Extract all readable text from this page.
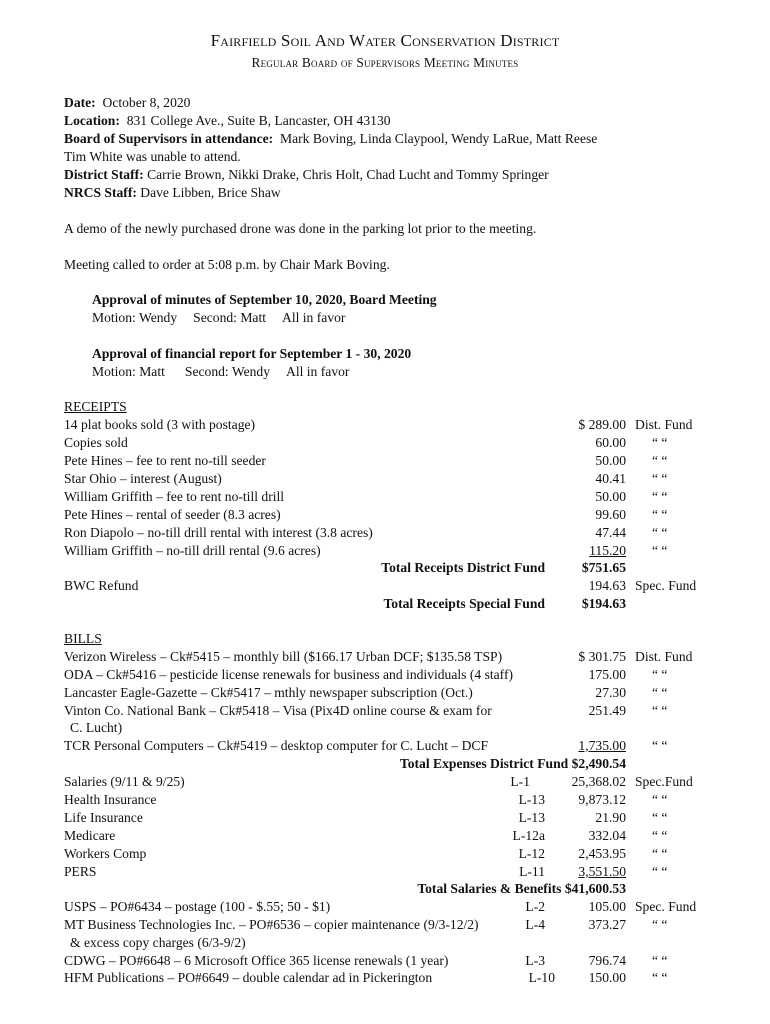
Fairfield Soil And Water Conservation District
Regular Board of Supervisors Meeting Minutes
Date: October 8, 2020
Location: 831 College Ave., Suite B, Lancaster, OH 43130
Board of Supervisors in attendance: Mark Boving, Linda Claypool, Wendy LaRue, Matt Reese
Tim White was unable to attend.
District Staff: Carrie Brown, Nikki Drake, Chris Holt, Chad Lucht and Tommy Springer
NRCS Staff: Dave Libben, Brice Shaw
A demo of the newly purchased drone was done in the parking lot prior to the meeting.
Meeting called to order at 5:08 p.m. by Chair Mark Boving.
Approval of minutes of September 10, 2020, Board Meeting
Motion: Wendy Second: Matt All in favor
Approval of financial report for September 1 - 30, 2020
Motion: Matt Second: Wendy All in favor
RECEIPTS
14 plat books sold (3 with postage)	$ 289.00 Dist. Fund
Copies sold	60.00 “ “
Pete Hines – fee to rent no-till seeder	50.00 “ “
Star Ohio – interest (August)	40.41 “ “
William Griffith – fee to rent no-till drill	50.00 “ “
Pete Hines – rental of seeder (8.3 acres)	99.60 “ “
Ron Diapolo – no-till drill rental with interest (3.8 acres)	47.44 “ “
William Griffith – no-till drill rental (9.6 acres)	115.20 “ “
Total Receipts District Fund	$751.65
BWC Refund	194.63 Spec. Fund
Total Receipts Special Fund	$194.63
BILLS
Verizon Wireless – Ck#5415 – monthly bill ($166.17 Urban DCF; $135.58 TSP)	$ 301.75 Dist. Fund
ODA – Ck#5416 – pesticide license renewals for business and individuals (4 staff)	175.00 “ “
Lancaster Eagle-Gazette – Ck#5417 – mthly newspaper subscription (Oct.)	27.30 “ “
Vinton Co. National Bank – Ck#5418 – Visa (Pix4D online course & exam for	251.49 “ “
C. Lucht)
TCR Personal Computers – Ck#5419 – desktop computer for C. Lucht – DCF	1,735.00 “ “
Total Expenses District Fund $2,490.54
Salaries (9/11 & 9/25)	L-1	25,368.02 Spec.Fund
Health Insurance	L-13	9,873.12 “ “
Life Insurance	L-13	21.90 “ “
Medicare	L-12a	332.04 “ “
Workers Comp	L-12	2,453.95 “ “
PERS	L-11	3,551.50 “ “
Total Salaries & Benefits $41,600.53
USPS – PO#6434 – postage (100 - $.55; 50 - $1)	L-2	105.00 Spec. Fund
MT Business Technologies Inc. – PO#6536 – copier maintenance (9/3-12/2)	L-4	373.27 “ “
& excess copy charges (6/3-9/2)
CDWG – PO#6648 – 6 Microsoft Office 365 license renewals (1 year)	L-3	796.74 “ “
HFM Publications – PO#6649 – double calendar ad in Pickerington	L-10	150.00 “ “
